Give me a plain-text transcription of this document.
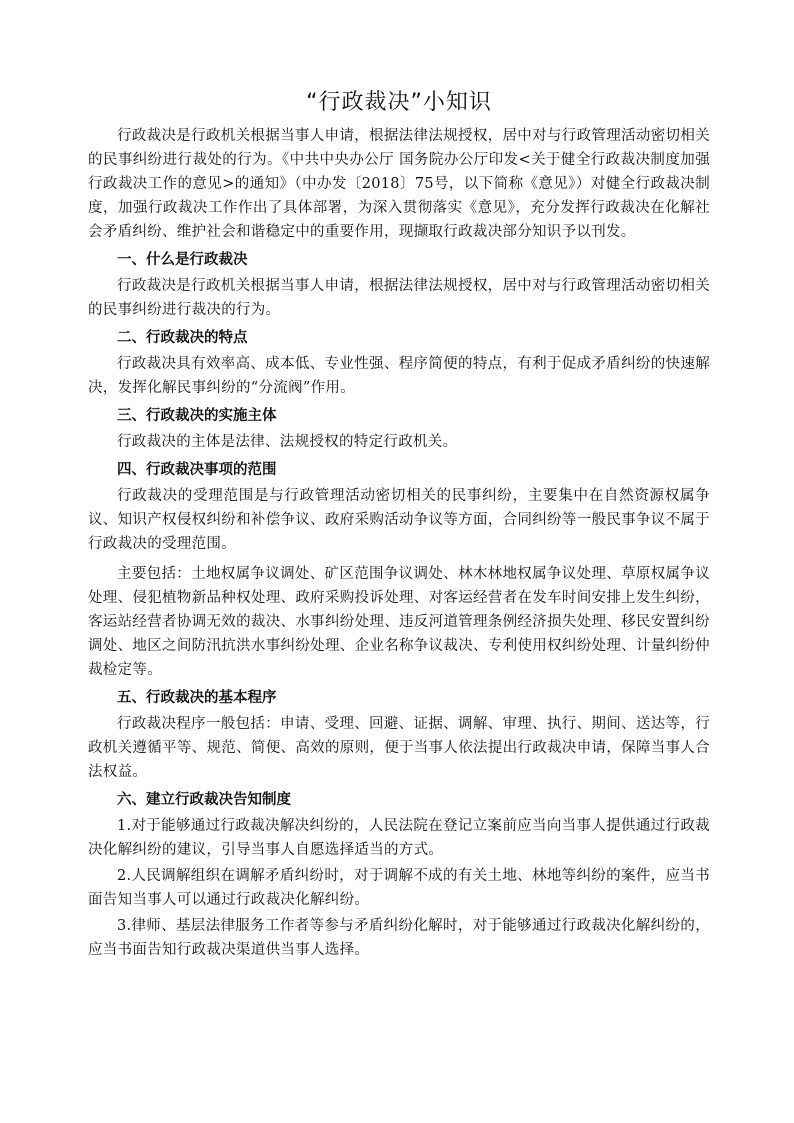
“行政裁决”小知识

行政裁决是行政机关根据当事人申请，根据法律法规授权，居中对与行政管理活动密切相关的民事纠纷进行裁处的行为。《中共中央办公厅 国务院办公厅印发<关于健全行政裁决制度加强行政裁决工作的意见>的通知》（中办发〔2018〕75号，以下简称《意见》）对健全行政裁决制度，加强行政裁决工作作出了具体部署，为深入贯彻落实《意见》，充分发挥行政裁决在化解社会矛盾纠纷、维护社会和谐稳定中的重要作用，现撷取行政裁决部分知识予以刊发。

一、什么是行政裁决

行政裁决是行政机关根据当事人申请，根据法律法规授权，居中对与行政管理活动密切相关的民事纠纷进行裁决的行为。

二、行政裁决的特点

行政裁决具有效率高、成本低、专业性强、程序简便的特点，有利于促成矛盾纠纷的快速解决，发挥化解民事纠纷的“分流阀”作用。

三、行政裁决的实施主体

行政裁决的主体是法律、法规授权的特定行政机关。

四、行政裁决事项的范围

行政裁决的受理范围是与行政管理活动密切相关的民事纠纷，主要集中在自然资源权属争议、知识产权侵权纠纷和补偿争议、政府采购活动争议等方面，合同纠纷等一般民事争议不属于行政裁决的受理范围。

主要包括：土地权属争议调处、矿区范围争议调处、林木林地权属争议处理、草原权属争议处理、侵犯植物新品种权处理、政府采购投诉处理、对客运经营者在发车时间安排上发生纠纷，客运站经营者协调无效的裁决、水事纠纷处理、违反河道管理条例经济损失处理、移民安置纠纷调处、地区之间防汛抗洪水事纠纷处理、企业名称争议裁决、专利使用权纠纷处理、计量纠纷仲裁检定等。

五、行政裁决的基本程序

行政裁决程序一般包括：申请、受理、回避、证据、调解、审理、执行、期间、送达等，行政机关遵循平等、规范、简便、高效的原则，便于当事人依法提出行政裁决申请，保障当事人合法权益。

六、建立行政裁决告知制度

1.对于能够通过行政裁决解决纠纷的，人民法院在登记立案前应当向当事人提供通过行政裁决化解纠纷的建议，引导当事人自愿选择适当的方式。

2.人民调解组织在调解矛盾纠纷时，对于调解不成的有关土地、林地等纠纷的案件，应当书面告知当事人可以通过行政裁决化解纠纷。

3.律师、基层法律服务工作者等参与矛盾纠纷化解时，对于能够通过行政裁决化解纠纷的，应当书面告知行政裁决渠道供当事人选择。
